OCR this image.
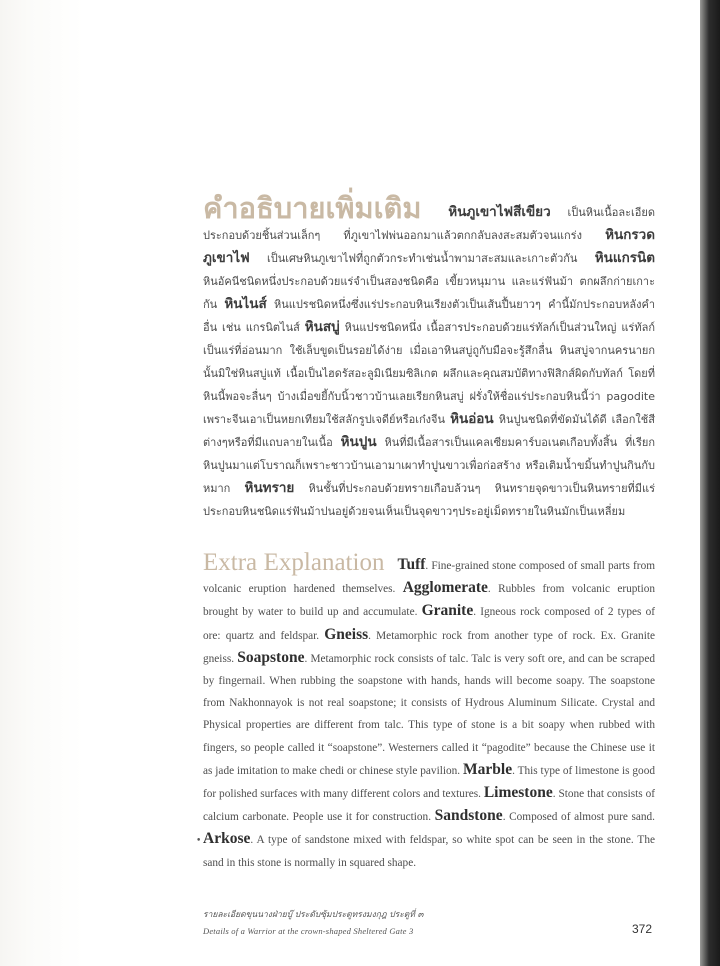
คำอธิบายเพิ่มเติม หินภูเขาไฟสีเขียว เป็นหินเนื้อละเอียด ประกอบด้วยชิ้นส่วนเล็กๆ ที่ภูเขาไฟพ่นออกมาแล้วตกกลับลงสะสมตัวจนแกร่ง หินกรวดภูเขาไฟ เป็นเศษหินภูเขาไฟที่ถูกตัวกระทำเช่นน้ำพามาสะสมและเกาะตัวกัน หินแกรนิต หินอัคนีชนิดหนึ่งประกอบด้วยแร่จำเป็นสองชนิดคือ เขี้ยวหนุมาน และแร่ฟันม้า ตกผลึกก่ายเกาะกัน หินไนส์ หินแปรชนิดหนึ่งซึ่งแร่ประกอบหินเรียงตัวเป็นเส้นปื้นยาวๆ คำนี้มักประกอบหลังคำอื่น เช่น แกรนิตไนส์ หินสบู่ หินแปรชนิดหนึ่ง เนื้อสารประกอบด้วยแร่ทัลก์เป็นส่วนใหญ่ แร่ทัลก์เป็นแร่ที่อ่อนมาก ใช้เล็บขูดเป็นรอยได้ง่าย เมื่อเอาหินสบู่ถูกับมือจะรู้สึกลื่น หินสบู่จากนครนายกนั้นมิใช่หินสบู่แท้ เนื้อเป็นไฮดรัสอะลูมิเนียมซิลิเกต ผลึกและคุณสมบัติทางฟิสิกส์ผิดกับทัลก์ โดยที่หินนี้พอจะลื่นๆ บ้างเมื่อขยี้กับนิ้วชาวบ้านเลยเรียกหินสบู่ ฝรั่งให้ชื่อแร่ประกอบหินนี้ว่า pagodite เพราะจีนเอาเป็นหยกเทียมใช้สลักรูปเจดีย์หรือเก๋งจีน หินอ่อน หินปูนชนิดที่ขัดมันได้ดี เลือกใช้สีต่างๆหรือที่มีแถบลายในเนื้อ หินปูน หินที่มีเนื้อสารเป็นแคลเซียมคาร์บอเนตเกือบทั้งสิ้น ที่เรียกหินปูนมาแต่โบราณก็เพราะชาวบ้านเอามาเผาทำปูนขาวเพื่อก่อสร้าง หรือเติมน้ำขมิ้นทำปูนกินกับหมาก หินทราย หินชั้นที่ประกอบด้วยทรายเกือบล้วนๆ หินทรายจุดขาวเป็นหินทรายที่มีแร่ประกอบหินชนิดแร่ฟันม้าปนอยู่ด้วยจนเห็นเป็นจุดขาวๆประอยู่เม็ดทรายในหินมักเป็นเหลี่ยม
Extra Explanation Tuff. Fine-grained stone composed of small parts from volcanic eruption hardened themselves. Agglomerate. Rubbles from volcanic eruption brought by water to build up and accumulate. Granite. Igneous rock composed of 2 types of ore: quartz and feldspar. Gneiss. Metamorphic rock from another type of rock. Ex. Granite gneiss. Soapstone. Metamorphic rock consists of talc. Talc is very soft ore, and can be scraped by fingernail. When rubbing the soapstone with hands, hands will become soapy. The soapstone from Nakhonnayok is not real soapstone; it consists of Hydrous Aluminum Silicate. Crystal and Physical properties are different from talc. This type of stone is a bit soapy when rubbed with fingers, so people called it “soapstone”. Westerners called it “pagodite” because the Chinese use it as jade imitation to make chedi or chinese style pavilion. Marble. This type of limestone is good for polished surfaces with many different colors and textures. Limestone. Stone that consists of calcium carbonate. People use it for construction. Sandstone. Composed of almost pure sand. Arkose. A type of sandstone mixed with feldspar, so white spot can be seen in the stone. The sand in this stone is normally in squared shape.
•
รายละเอียดขุนนางฝ่ายบู๊ ประดับซุ้มประตูทรงมงกุฎ ประตูที่ ๓
Details of a Warrior at the crown-shaped Sheltered Gate 3	372
